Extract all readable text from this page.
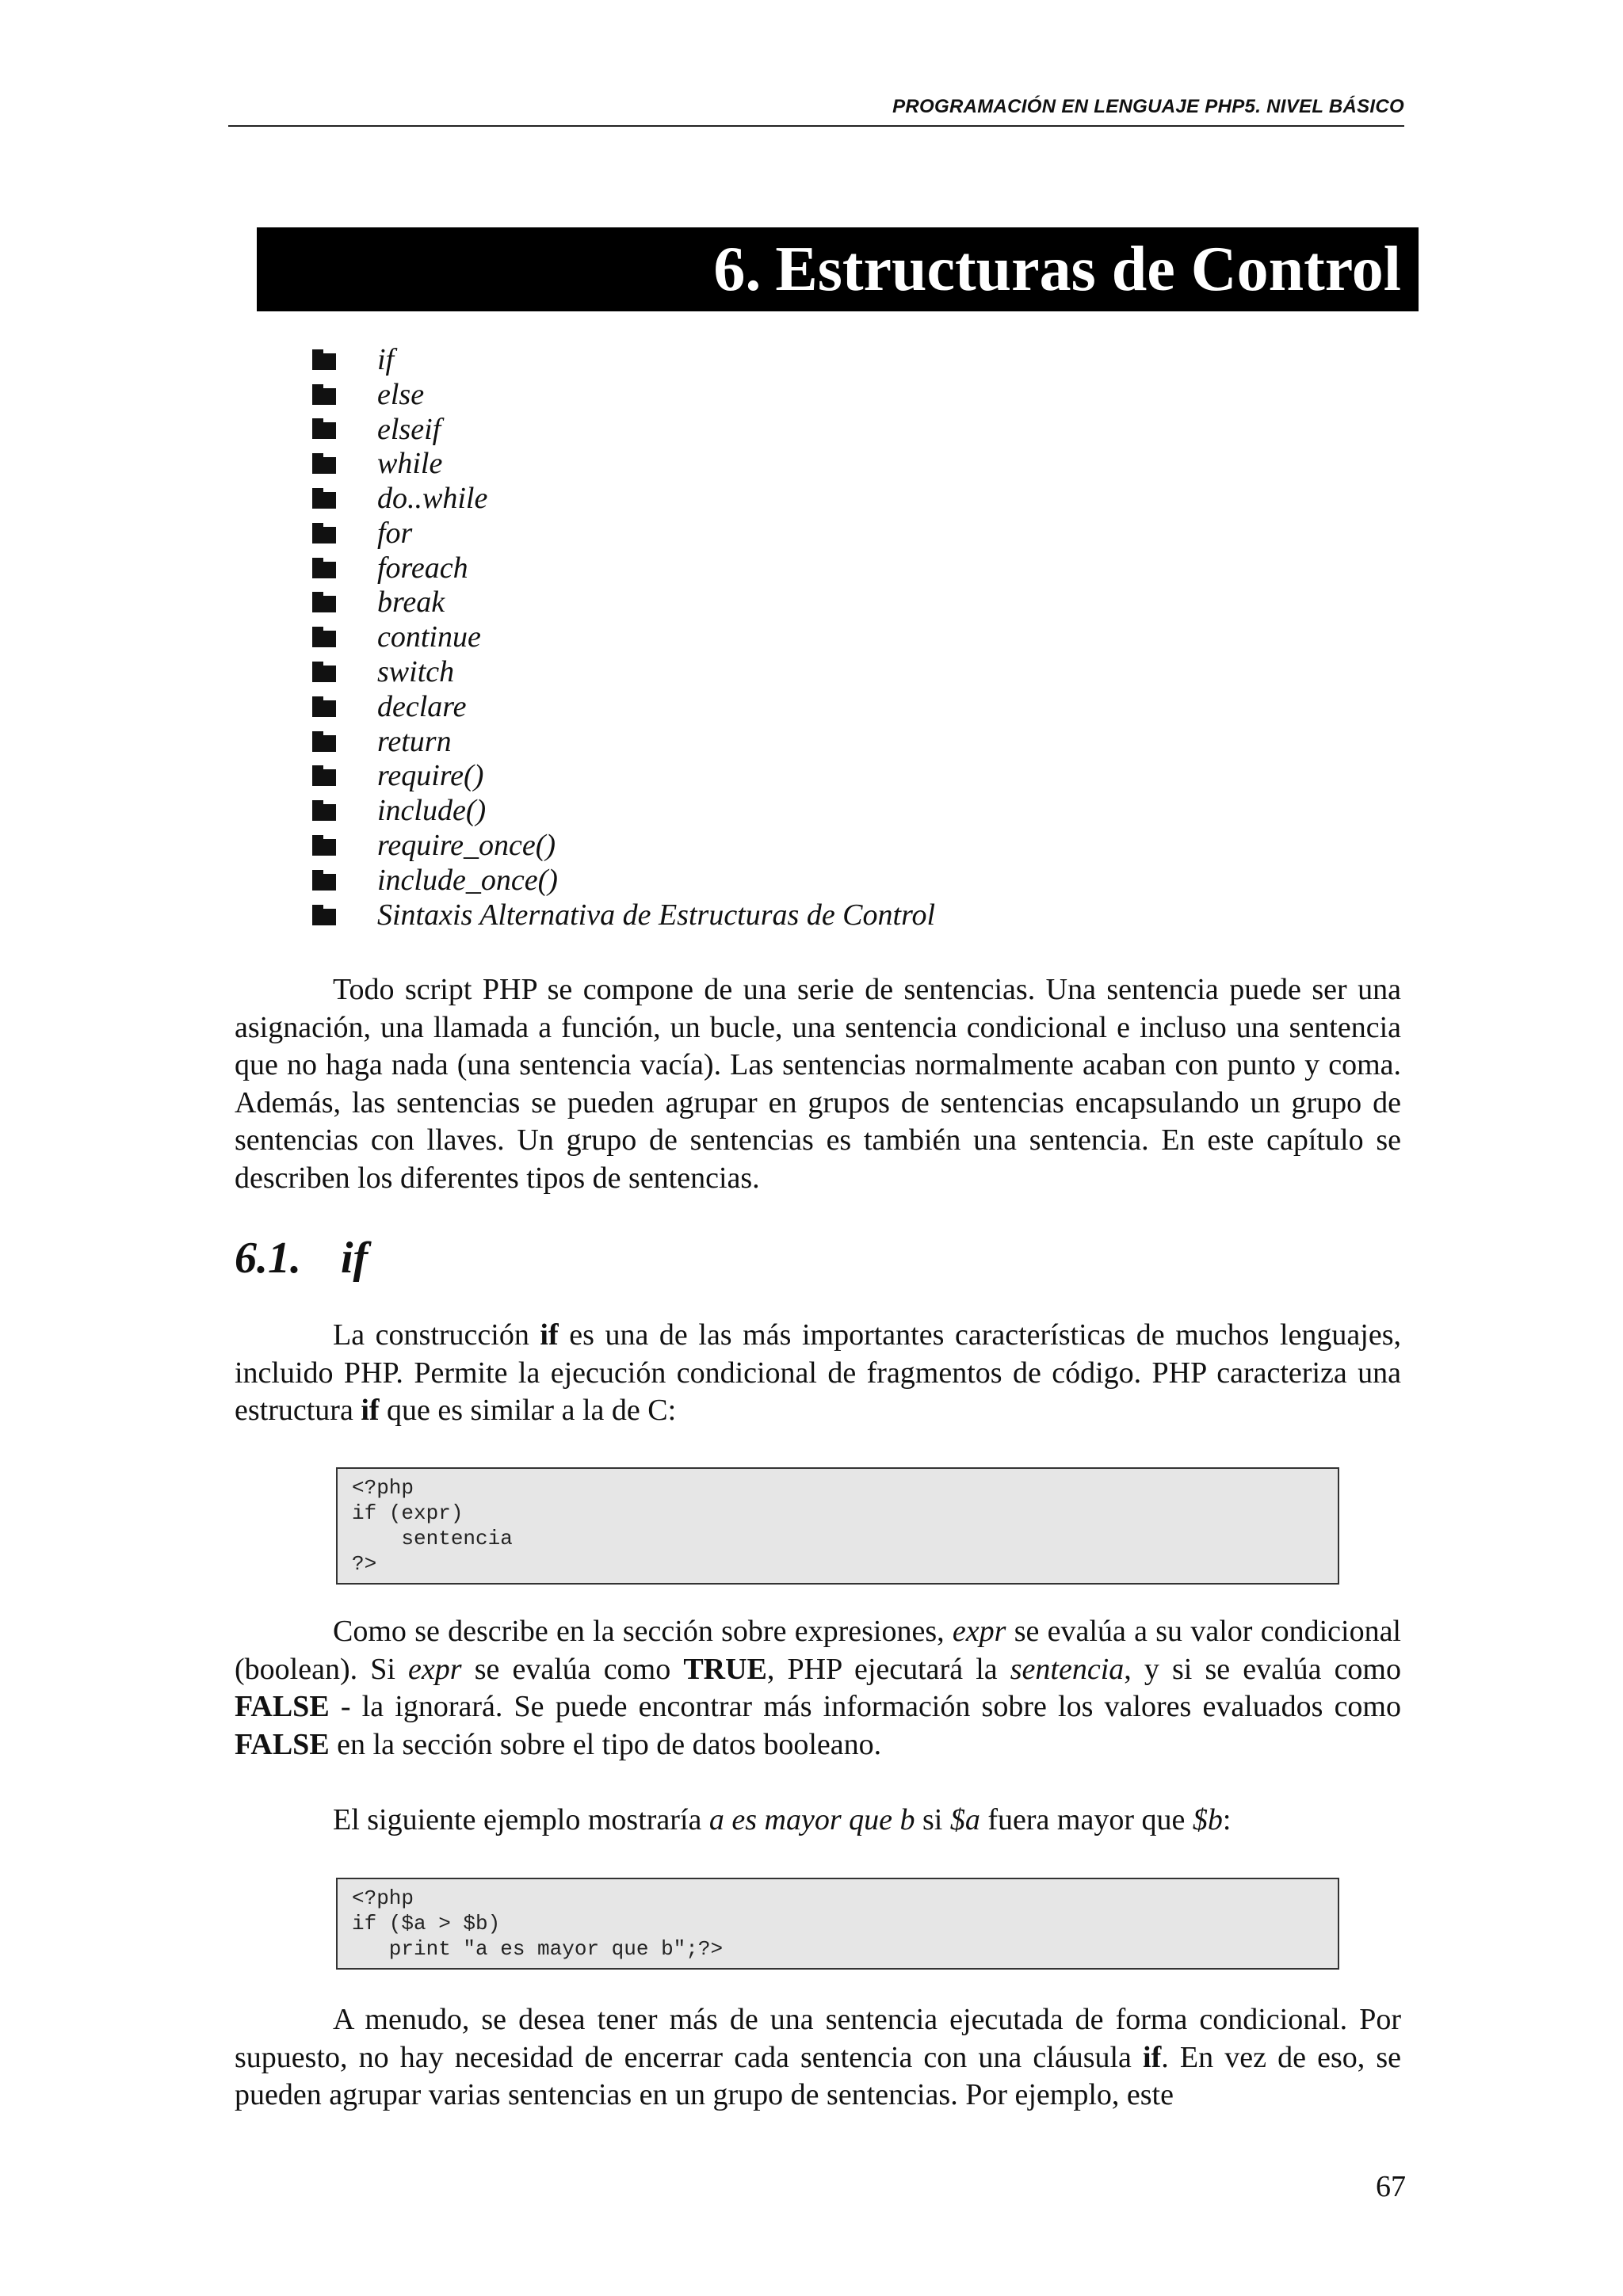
PROGRAMACIÓN EN LENGUAJE PHP5. NIVEL BÁSICO
6. Estructuras de Control
if
else
elseif
while
do..while
for
foreach
break
continue
switch
declare
return
require()
include()
require_once()
include_once()
Sintaxis Alternativa de Estructuras de Control

Todo script PHP se compone de una serie de sentencias. Una sentencia puede ser una asignación, una llamada a función, un bucle, una sentencia condicional e incluso una sentencia que no haga nada (una sentencia vacía). Las sentencias normalmente acaban con punto y coma. Además, las sentencias se pueden agrupar en grupos de sentencias encapsulando un grupo de sentencias con llaves. Un grupo de sentencias es también una sentencia. En este capítulo se describen los diferentes tipos de sentencias.

6.1. if

La construcción if es una de las más importantes características de muchos lenguajes, incluido PHP. Permite la ejecución condicional de fragmentos de código. PHP caracteriza una estructura if que es similar a la de C:

<?php
if (expr)
sentencia
?>

Como se describe en la sección sobre expresiones, expr se evalúa a su valor condicional (boolean). Si expr se evalúa como TRUE, PHP ejecutará la sentencia, y si se evalúa como FALSE - la ignorará. Se puede encontrar más información sobre los valores evaluados como FALSE en la sección sobre el tipo de datos booleano.

El siguiente ejemplo mostraría a es mayor que b si $a fuera mayor que $b:

<?php
if ($a > $b)
print "a es mayor que b";?>

A menudo, se desea tener más de una sentencia ejecutada de forma condicional. Por supuesto, no hay necesidad de encerrar cada sentencia con una cláusula if. En vez de eso, se pueden agrupar varias sentencias en un grupo de sentencias. Por ejemplo, este

67
